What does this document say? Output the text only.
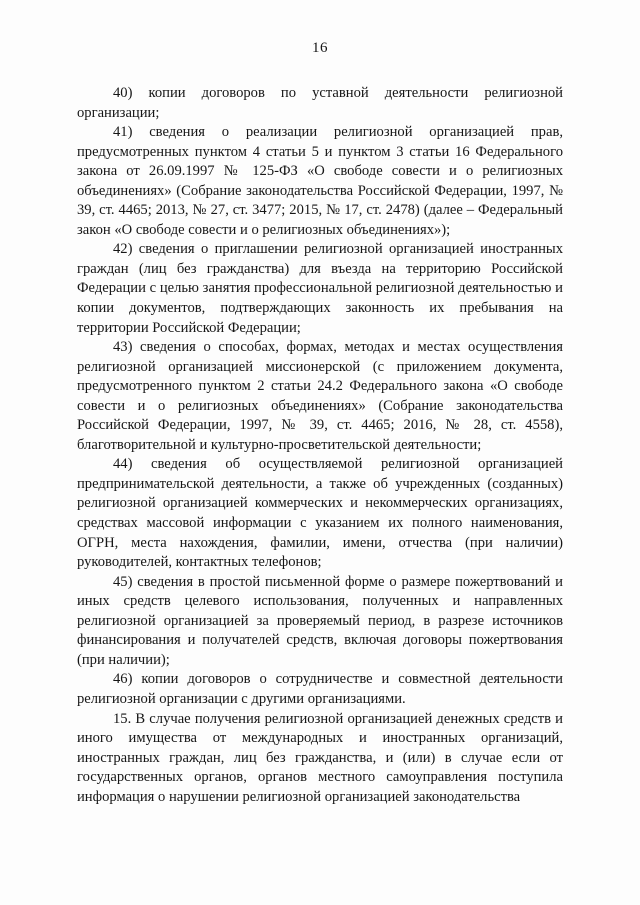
16

40) копии договоров по уставной деятельности религиозной организации;

41) сведения о реализации религиозной организацией прав, предусмотренных пунктом 4 статьи 5 и пунктом 3 статьи 16 Федерального закона от 26.09.1997 № 125-ФЗ «О свободе совести и о религиозных объединениях» (Собрание законодательства Российской Федерации, 1997, № 39, ст. 4465; 2013, № 27, ст. 3477; 2015, № 17, ст. 2478) (далее – Федеральный закон «О свободе совести и о религиозных объединениях»);

42) сведения о приглашении религиозной организацией иностранных граждан (лиц без гражданства) для въезда на территорию Российской Федерации с целью занятия профессиональной религиозной деятельностью и копии документов, подтверждающих законность их пребывания на территории Российской Федерации;

43) сведения о способах, формах, методах и местах осуществления религиозной организацией миссионерской (с приложением документа, предусмотренного пунктом 2 статьи 24.2 Федерального закона «О свободе совести и о религиозных объединениях» (Собрание законодательства Российской Федерации, 1997, № 39, ст. 4465; 2016, № 28, ст. 4558), благотворительной и культурно-просветительской деятельности;

44) сведения об осуществляемой религиозной организацией предпринимательской деятельности, а также об учрежденных (созданных) религиозной организацией коммерческих и некоммерческих организациях, средствах массовой информации с указанием их полного наименования, ОГРН, места нахождения, фамилии, имени, отчества (при наличии) руководителей, контактных телефонов;

45) сведения в простой письменной форме о размере пожертвований и иных средств целевого использования, полученных и направленных религиозной организацией за проверяемый период, в разрезе источников финансирования и получателей средств, включая договоры пожертвования (при наличии);

46) копии договоров о сотрудничестве и совместной деятельности религиозной организации с другими организациями.

15. В случае получения религиозной организацией денежных средств и иного имущества от международных и иностранных организаций, иностранных граждан, лиц без гражданства, и (или) в случае если от государственных органов, органов местного самоуправления поступила информация о нарушении религиозной организацией законодательства
